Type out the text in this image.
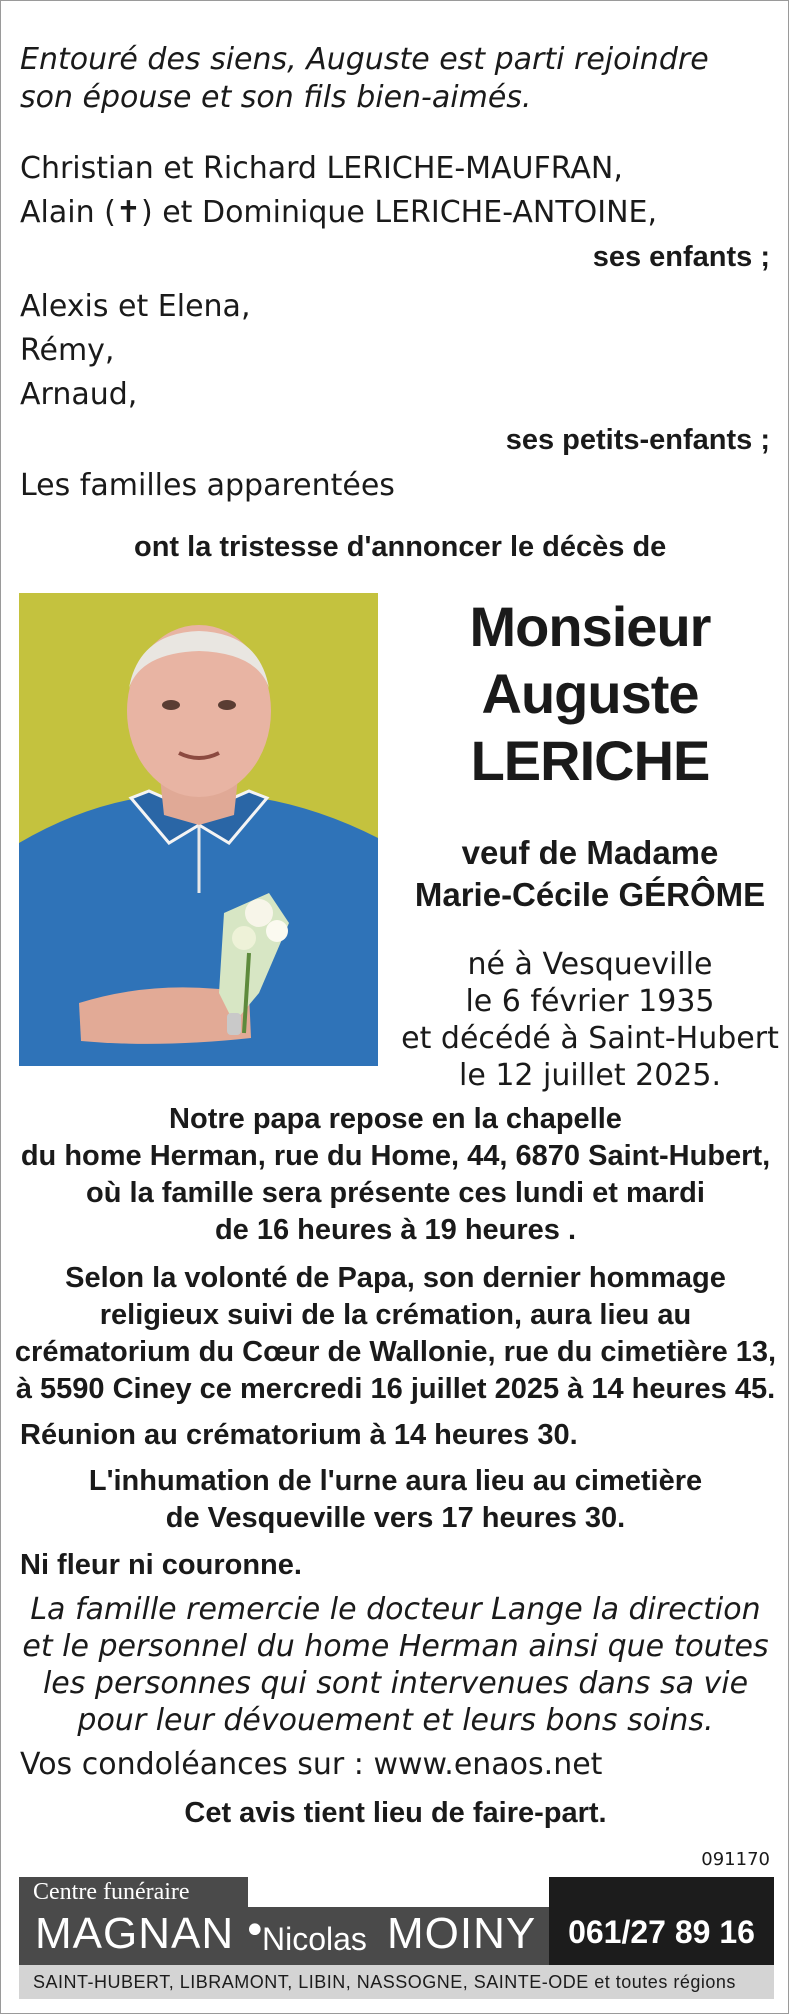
Entouré des siens, Auguste est parti rejoindre
son épouse et son fils bien-aimés.
Christian et Richard LERICHE-MAUFRAN,
Alain (✝) et Dominique LERICHE-ANTOINE,
ses enfants ;
Alexis et Elena,
Rémy,
Arnaud,
ses petits-enfants ;
Les familles apparentées
ont la tristesse d'annoncer le décès de
Monsieur
Auguste
LERICHE
veuf de Madame
Marie-Cécile GÉRÔME
né à Vesqueville
le 6 février 1935
et décédé à Saint-Hubert
le 12 juillet 2025.
Notre papa repose en la chapelle
du home Herman, rue du Home, 44, 6870 Saint-Hubert,
où la famille sera présente ces lundi et mardi
de 16 heures à 19 heures .
Selon la volonté de Papa, son dernier hommage
religieux suivi de la crémation, aura lieu au
crématorium du Cœur de Wallonie, rue du cimetière 13,
à 5590 Ciney ce mercredi 16 juillet 2025 à 14 heures 45.
Réunion au crématorium à 14 heures 30.
L'inhumation de l'urne aura lieu au cimetière
de Vesqueville vers 17 heures 30.
Ni fleur ni couronne.
La famille remercie le docteur Lange la direction
et le personnel du home Herman ainsi que toutes
les personnes qui sont intervenues dans sa vie
pour leur dévouement et leurs bons soins.
Vos condoléances sur : www.enaos.net
Cet avis tient lieu de faire-part.
091170
Centre funéraire
MAGNAN •
Nicolas MOINY 061/27 89 16
SAINT-HUBERT, LIBRAMONT, LIBIN, NASSOGNE, SAINTE-ODE et toutes régions
